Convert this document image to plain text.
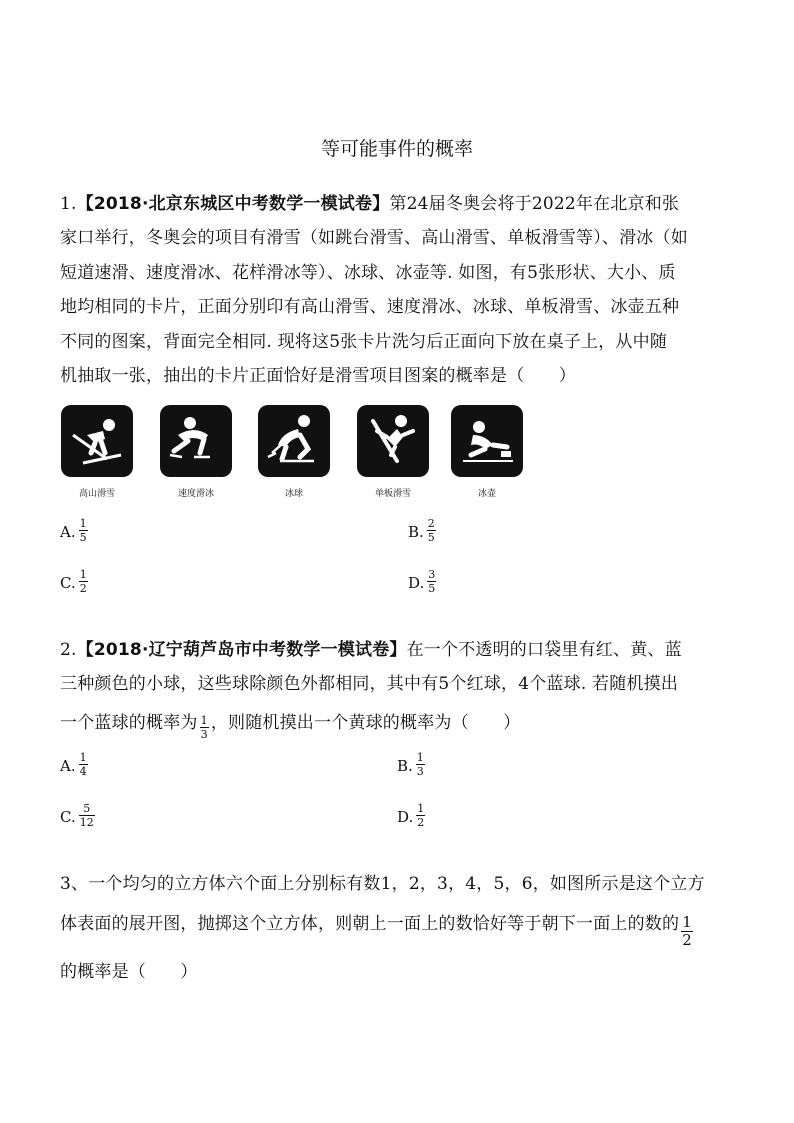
等可能事件的概率
1.【2018·北京东城区中考数学一模试卷】第24届冬奥会将于2022年在北京和张
家口举行，冬奥会的项目有滑雪（如跳台滑雪、高山滑雪、单板滑雪等）、滑冰（如
短道速滑、速度滑冰、花样滑冰等）、冰球、冰壶等. 如图，有5张形状、大小、质
地均相同的卡片，正面分别印有高山滑雪、速度滑冰、冰球、单板滑雪、冰壶五种
不同的图案，背面完全相同. 现将这5张卡片洗匀后正面向下放在桌子上，从中随
机抽取一张，抽出的卡片正面恰好是滑雪项目图案的概率是（　　）
高山滑雪	速度滑冰	冰球	单板滑雪	冰壶
A. $\frac{1}{5}$	B. $\frac{2}{5}$
C. $\frac{1}{2}$	D. $\frac{3}{5}$
2.【2018·辽宁葫芦岛市中考数学一模试卷】在一个不透明的口袋里有红、黄、蓝
三种颜色的小球，这些球除颜色外都相同，其中有5个红球，4个蓝球. 若随机摸出
一个蓝球的概率为 $\frac{1}{3}$ ，则随机摸出一个黄球的概率为（　　）
A. $\frac{1}{4}$	B. $\frac{1}{3}$
C. $\frac{5}{12}$	D. $\frac{1}{2}$
3、一个均匀的立方体六个面上分别标有数1，2，3，4，5，6，如图所示是这个立方
体表面的展开图，抛掷这个立方体，则朝上一面上的数恰好等于朝下一面上的数的 $\frac{1}{2}$
的概率是（　　）
